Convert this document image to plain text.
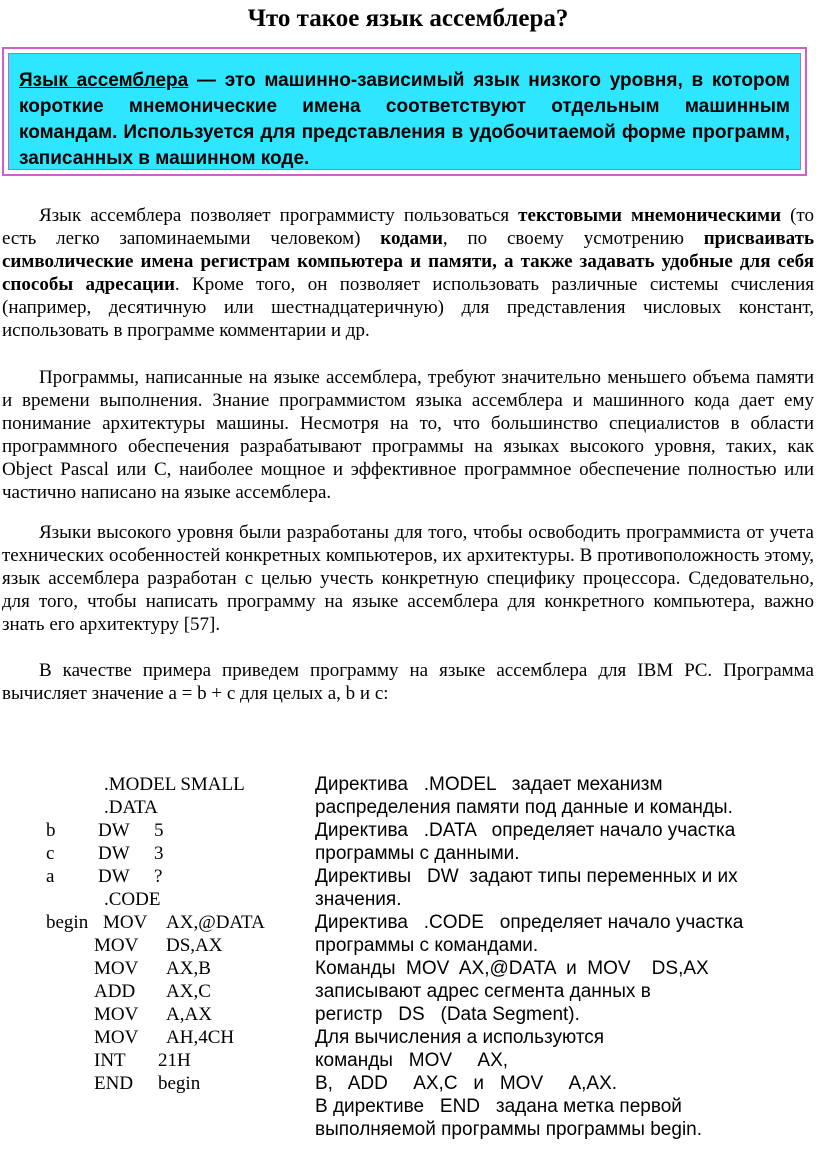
Что такое язык ассемблера?
Язык ассемблера — это машинно-зависимый язык низкого уровня, в котором короткие мнемонические имена соответствуют отдельным машинным командам. Используется для представления в удобочитаемой форме программ, записанных в машинном коде.

Язык ассемблера позволяет программисту пользоваться текстовыми мнемоническими (то есть легко запоминаемыми человеком) кодами, по своему усмотрению присваивать символические имена регистрам компьютера и памяти, а также задавать удобные для себя способы адресации. Кроме того, он позволяет использовать различные системы счисления (например, десятичную или шестнадцатеричную) для представления числовых констант, использовать в программе комментарии и др.

Программы, написанные на языке ассемблера, требуют значительно меньшего объема памяти и времени выполнения. Знание программистом языка ассемблера и машинного кода дает ему понимание архитектуры машины. Несмотря на то, что большинство специалистов в области программного обеспечения разрабатывают программы на языках высокого уровня, таких, как Object Pascal или C, наиболее мощное и эффективное программное обеспечение полностью или частично написано на языке ассемблера.

Языки высокого уровня были разработаны для того, чтобы освободить программиста от учета технических особенностей конкретных компьютеров, их архитектуры. В противоположность этому, язык ассемблера разработан с целью учесть конкретную специфику процессора. Сдедовательно, для того, чтобы написать программу на языке ассемблера для конкретного компьютера, важно знать его архитектуру [57].

В качестве примера приведем программу на языке ассемблера для IBM PC. Программа вычисляет значение а = b + с для целых а, b и с:

.MODEL SMALL
.DATA
b DW 5
c DW 3
a DW ?
.CODE
begin MOV AX,@DATA
MOV DS,AX
MOV AX,B
ADD AX,C
MOV A,AX
MOV AH,4CH
INT 21H
END begin
Директива   .MODEL   задает механизм
распределения памяти под данные и команды.
Директива   .DATA   определяет начало участка
программы с данными.
Директивы   DW  задают типы переменных и их
значения.
Директива   .CODE   определяет начало участка
программы с командами.
Команды  MOV  AX,@DATA  и  MOV    DS,AX
записывают адрес сегмента данных в
регистр   DS   (Data Segment).
Для вычисления а используются
команды   MOV     AX,
B,   ADD     AX,C   и   MOV     A,AX.
В директиве   END   задана метка первой
выполняемой программы программы begin.
